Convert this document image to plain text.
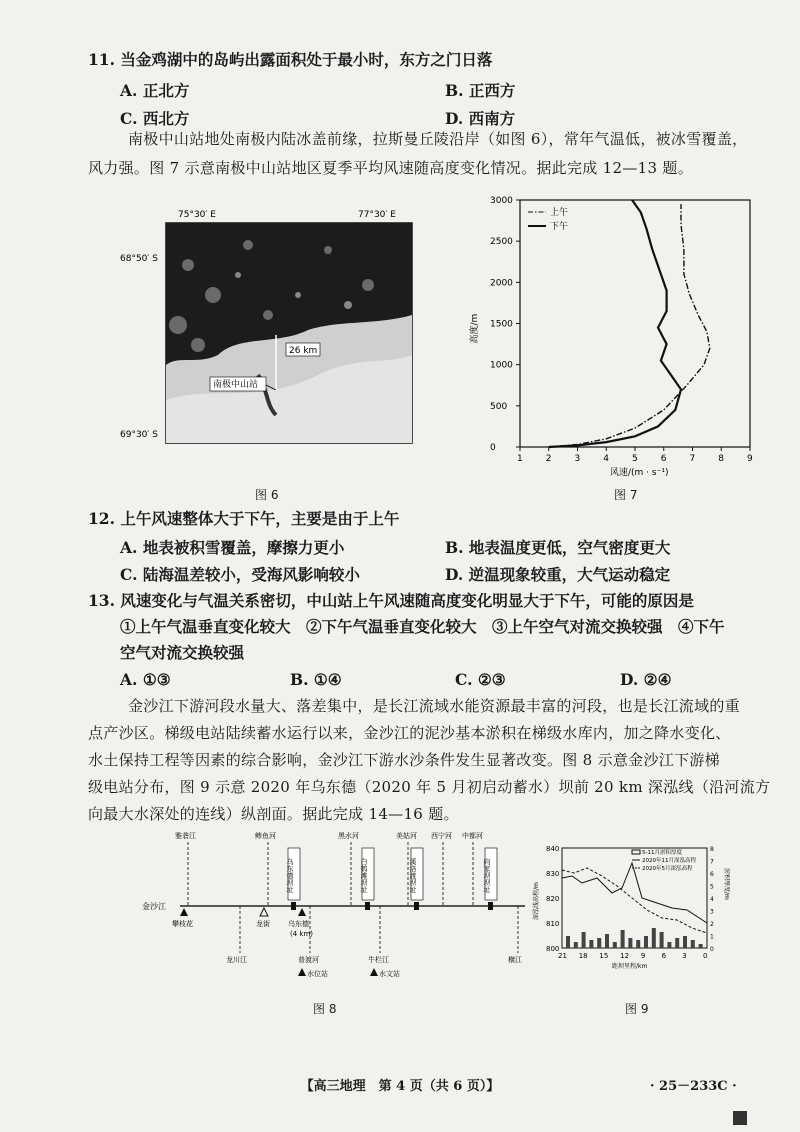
11. 当金鸡湖中的岛屿出露面积处于最小时，东方之门日落
A. 正北方	B. 正西方
C. 西北方	D. 西南方
南极中山站地处南极内陆冰盖前缘，拉斯曼丘陵沿岸（如图 6），常年气温低，被冰雪覆盖，
风力强。图 7 示意南极中山站地区夏季平均风速随高度变化情况。据此完成 12—13 题。
75°30′ E	77°30′ E
68°50′ S
69°30′ S
26 km
南极中山站
图 6
1	2	3	4	5	6	7	8	9
0
500
1000
1500
2000
2500
3000
风速/(m · s⁻¹)
高度/m
上午
下午
图 7
12. 上午风速整体大于下午，主要是由于上午
A. 地表被积雪覆盖，摩擦力更小	B. 地表温度更低，空气密度更大
C. 陆海温差较小，受海风影响较小	D. 逆温现象较重，大气运动稳定
13. 风速变化与气温关系密切，中山站上午风速随高度变化明显大于下午，可能的原因是
①上午气温垂直变化较大　②下午气温垂直变化较大　③上午空气对流交换较强　④下午
空气对流交换较强
A. ①③	B. ①④	C. ②③	D. ②④
金沙江下游河段水量大、落差集中，是长江流域水能资源最丰富的河段，也是长江流域的重
点产沙区。梯级电站陆续蓄水运行以来，金沙江的泥沙基本淤积在梯级水库内，加之降水变化、
水土保持工程等因素的综合影响，金沙江下游水沙条件发生显著改变。图 8 示意金沙江下游梯
级电站分布，图 9 示意 2020 年乌东德（2020 年 5 月初启动蓄水）坝前 20 km 深泓线（沿河流方
向最大水深处的连线）纵剖面。据此完成 14—16 题。
金沙江
雅砻江	鲹鱼河	黑水河	美姑河 西宁河 中都河
乌东德坝址	白鹤滩坝址	溪洛渡坝址	向家坝坝址
攀枝花
龙川江
龙街	乌东德
(4 km)
普渡河	牛栏江	横江
水位站	水文站
图 8
800
810
820
830
840
0
1
2
3
4
5
6
7
8
21 18 15 12 9 6 3 0
距坝里程/km
深泓线高程/m	淤积厚度/m
5-11月淤积厚度
2020年11月深泓高程
2020年5月深泓高程
图 9
【高三地理　第 4 页（共 6 页）】	· 25－233C ·
